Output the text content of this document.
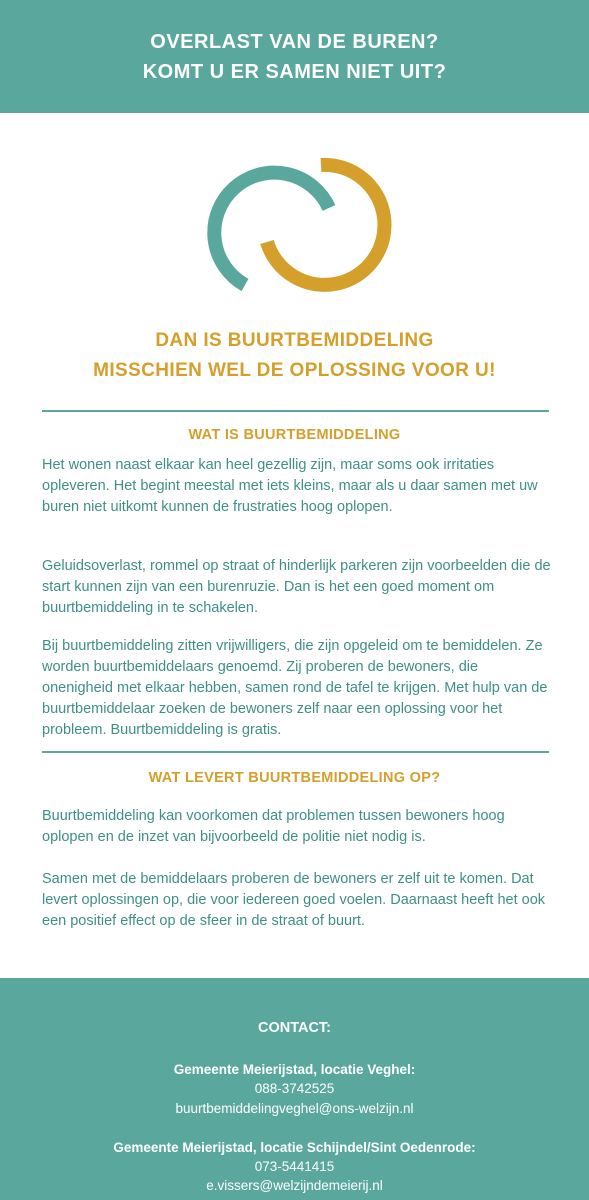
OVERLAST VAN DE BUREN?
KOMT U ER SAMEN NIET UIT?
DAN IS BUURTBEMIDDELING
MISSCHIEN WEL DE OPLOSSING VOOR U!
WAT IS BUURTBEMIDDELING
Het wonen naast elkaar kan heel gezellig zijn, maar soms ook irritaties opleveren. Het begint meestal met iets kleins, maar als u daar samen met uw buren niet uitkomt kunnen de frustraties hoog oplopen.
Geluidsoverlast, rommel op straat of hinderlijk parkeren zijn voorbeelden die de start kunnen zijn van een burenruzie. Dan is het een goed moment om buurtbemiddeling in te schakelen.
Bij buurtbemiddeling zitten vrijwilligers, die zijn opgeleid om te bemiddelen. Ze worden buurtbemiddelaars genoemd. Zij proberen de bewoners, die onenigheid met elkaar hebben, samen rond de tafel te krijgen. Met hulp van de buurtbemiddelaar zoeken de bewoners zelf naar een oplossing voor het probleem. Buurtbemiddeling is gratis.
WAT LEVERT BUURTBEMIDDELING OP?
Buurtbemiddeling kan voorkomen dat problemen tussen bewoners hoog oplopen en de inzet van bijvoorbeeld de politie niet nodig is.
Samen met de bemiddelaars proberen de bewoners er zelf uit te komen. Dat levert oplossingen op, die voor iedereen goed voelen. Daarnaast heeft het ook een positief effect op de sfeer in de straat of buurt.
CONTACT:
Gemeente Meierijstad, locatie Veghel:
088-3742525
buurtbemiddelingveghel@ons-welzijn.nl
Gemeente Meierijstad, locatie Schijndel/Sint Oedenrode:
073-5441415
e.vissers@welzijndemeierij.nl
